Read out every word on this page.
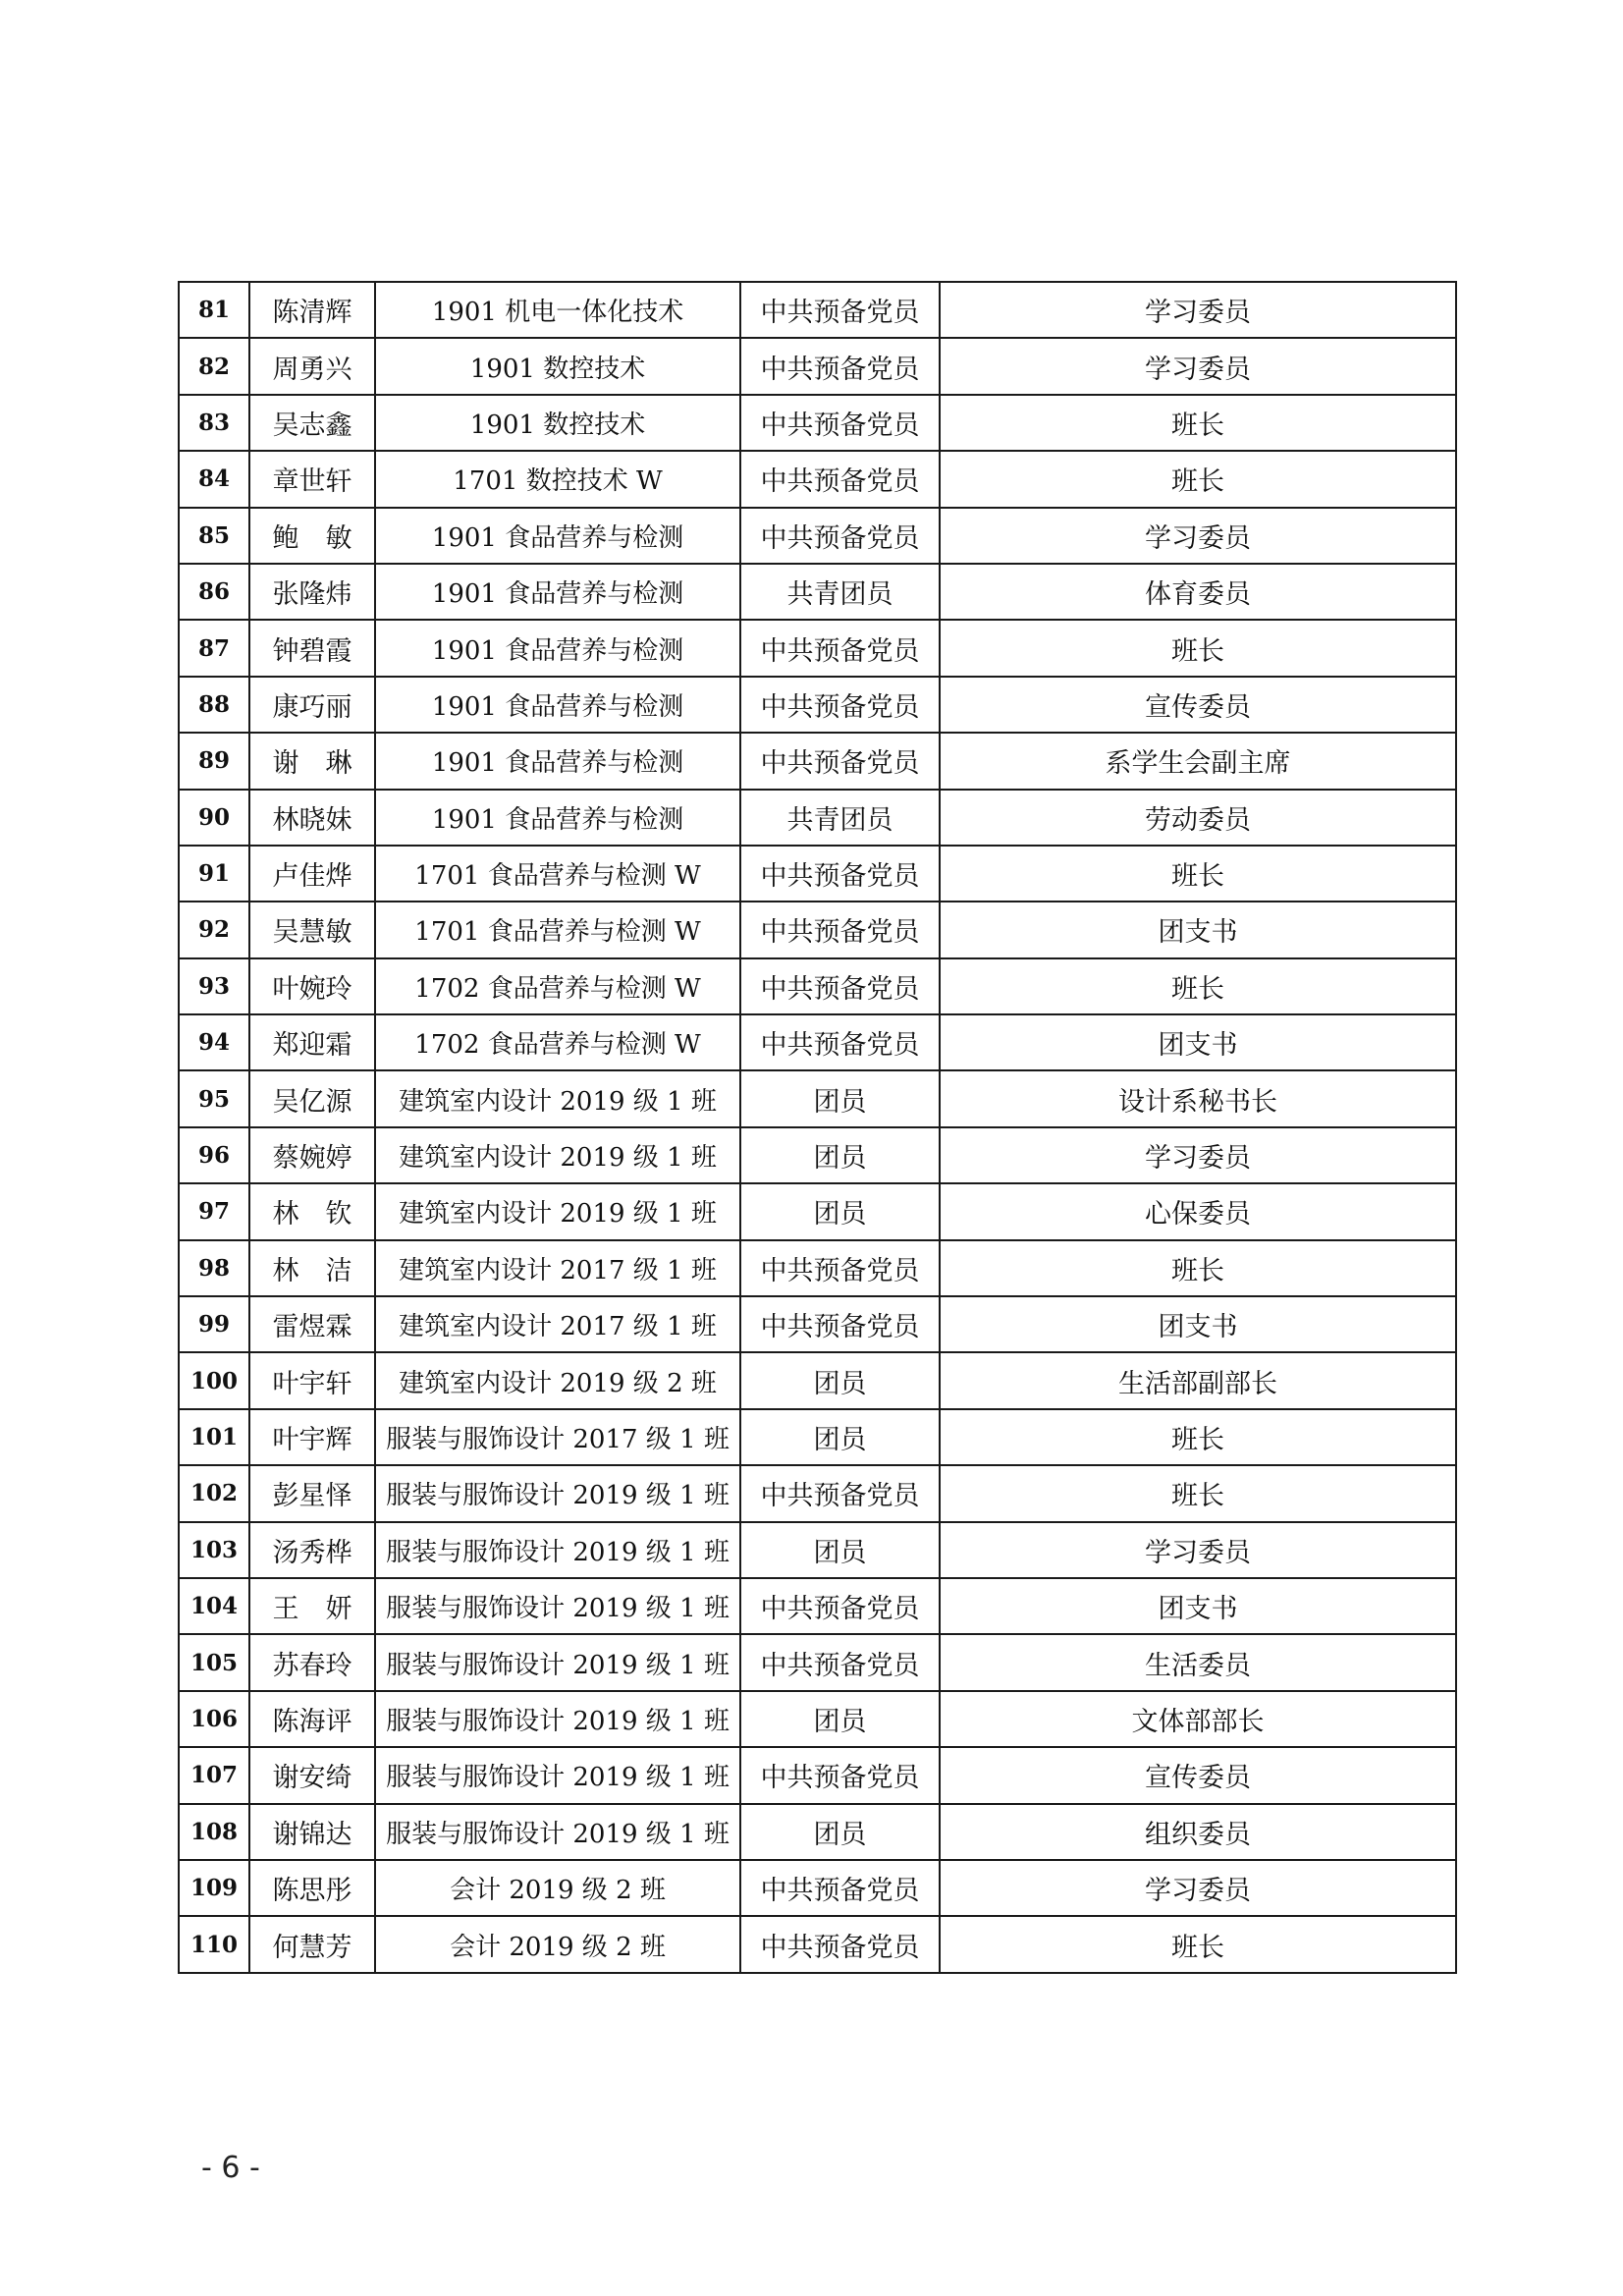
81	陈清辉	1901 机电一体化技术	中共预备党员	学习委员
82	周勇兴	1901 数控技术	中共预备党员	学习委员
83	吴志鑫	1901 数控技术	中共预备党员	班长
84	章世轩	1701 数控技术 W	中共预备党员	班长
85	鲍　敏	1901 食品营养与检测	中共预备党员	学习委员
86	张隆炜	1901 食品营养与检测	共青团员	体育委员
87	钟碧霞	1901 食品营养与检测	中共预备党员	班长
88	康巧丽	1901 食品营养与检测	中共预备党员	宣传委员
89	谢　琳	1901 食品营养与检测	中共预备党员	系学生会副主席
90	林晓妹	1901 食品营养与检测	共青团员	劳动委员
91	卢佳烨	1701 食品营养与检测 W	中共预备党员	班长
92	吴慧敏	1701 食品营养与检测 W	中共预备党员	团支书
93	叶婉玲	1702 食品营养与检测 W	中共预备党员	班长
94	郑迎霜	1702 食品营养与检测 W	中共预备党员	团支书
95	吴亿源	建筑室内设计 2019 级 1 班	团员	设计系秘书长
96	蔡婉婷	建筑室内设计 2019 级 1 班	团员	学习委员
97	林　钦	建筑室内设计 2019 级 1 班	团员	心保委员
98	林　洁	建筑室内设计 2017 级 1 班	中共预备党员	班长
99	雷煜霖	建筑室内设计 2017 级 1 班	中共预备党员	团支书
100	叶宇轩	建筑室内设计 2019 级 2 班	团员	生活部副部长
101	叶宇辉	服装与服饰设计 2017 级 1 班	团员	班长
102	彭星怿	服装与服饰设计 2019 级 1 班	中共预备党员	班长
103	汤秀桦	服装与服饰设计 2019 级 1 班	团员	学习委员
104	王　妍	服装与服饰设计 2019 级 1 班	中共预备党员	团支书
105	苏春玲	服装与服饰设计 2019 级 1 班	中共预备党员	生活委员
106	陈海评	服装与服饰设计 2019 级 1 班	团员	文体部部长
107	谢安绮	服装与服饰设计 2019 级 1 班	中共预备党员	宣传委员
108	谢锦达	服装与服饰设计 2019 级 1 班	团员	组织委员
109	陈思彤	会计 2019 级 2 班	中共预备党员	学习委员
110	何慧芳	会计 2019 级 2 班	中共预备党员	班长
- 6 -
